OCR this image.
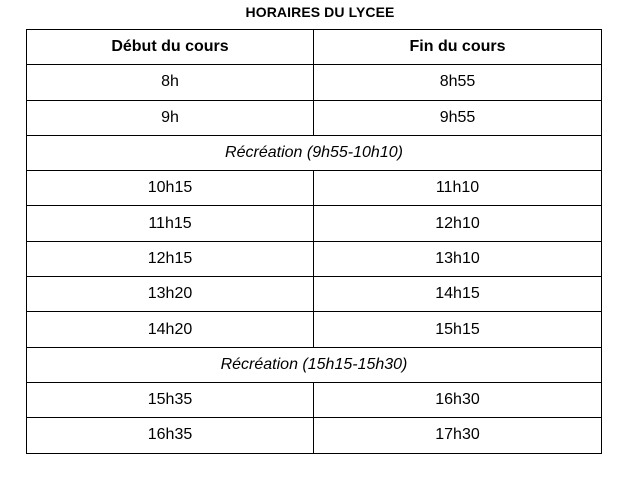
HORAIRES DU LYCEE
Début du cours	Fin du cours
8h	8h55
9h	9h55
Récréation (9h55-10h10)	
10h15	11h10
11h15	12h10
12h15	13h10
13h20	14h15
14h20	15h15
Récréation (15h15-15h30)	
15h35	16h30
16h35	17h30
